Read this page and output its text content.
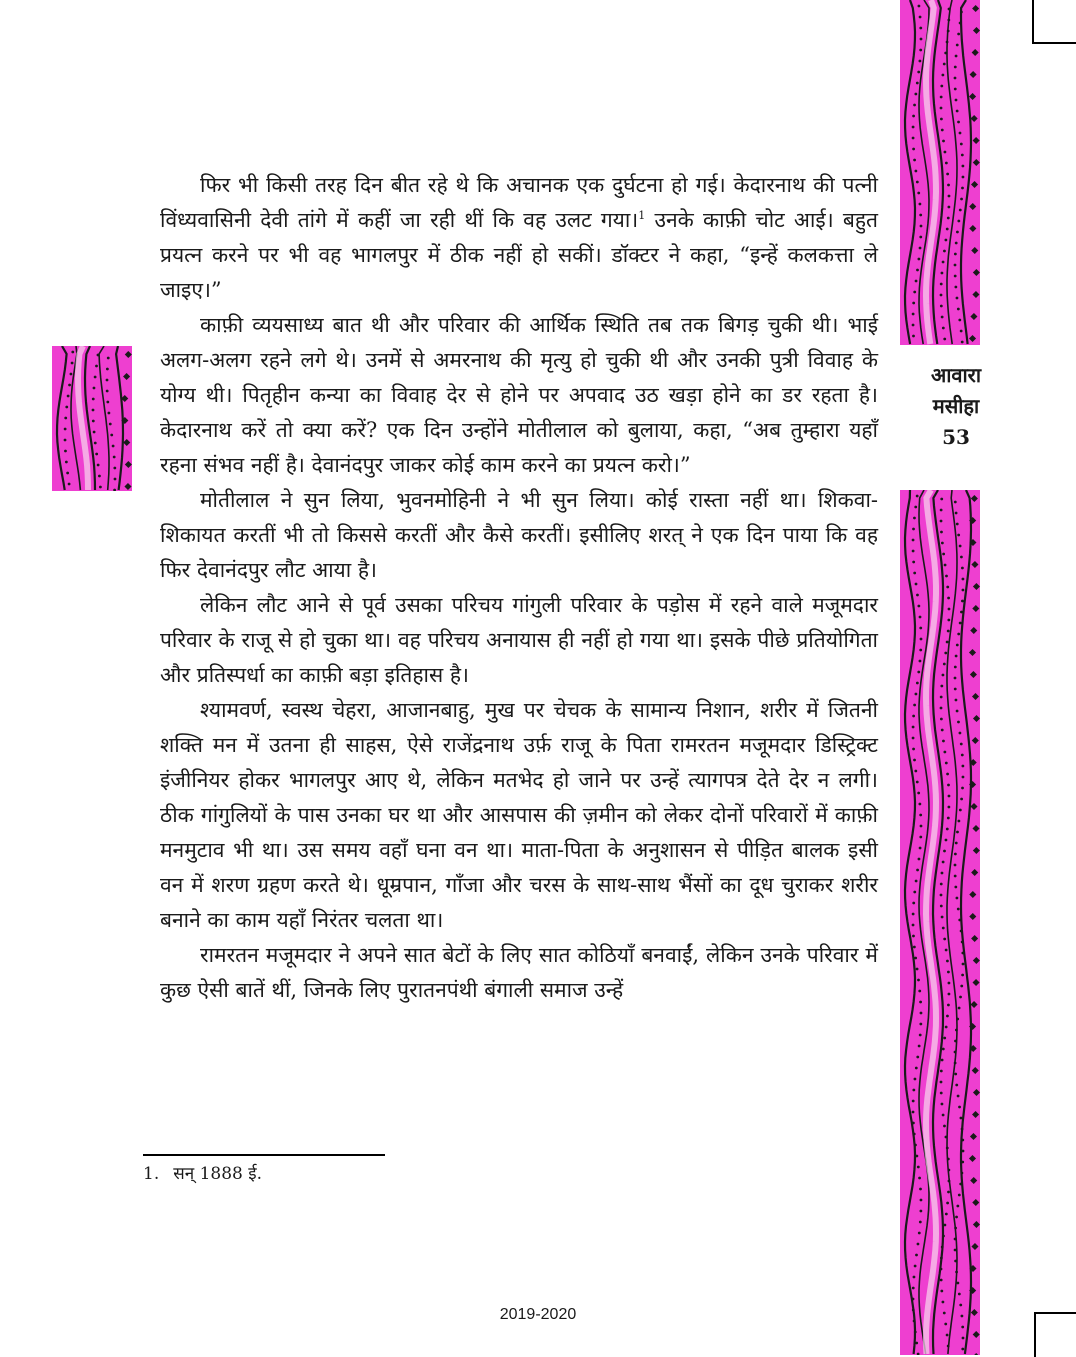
आवारा
मसीहा
53

फिर भी किसी तरह दिन बीत रहे थे कि अचानक एक दुर्घटना हो गई। केदारनाथ की पत्नी विंध्यवासिनी देवी तांगे में कहीं जा रही थीं कि वह उलट गया।$^1$ उनके काफ़ी चोट आई। बहुत प्रयत्न करने पर भी वह भागलपुर में ठीक नहीं हो सकीं। डॉक्टर ने कहा, “इन्हें कलकत्ता ले जाइए।”

काफ़ी व्ययसाध्य बात थी और परिवार की आर्थिक स्थिति तब तक बिगड़ चुकी थी। भाई अलग-अलग रहने लगे थे। उनमें से अमरनाथ की मृत्यु हो चुकी थी और उनकी पुत्री विवाह के योग्य थी। पितृहीन कन्या का विवाह देर से होने पर अपवाद उठ खड़ा होने का डर रहता है। केदारनाथ करें तो क्या करें? एक दिन उन्होंने मोतीलाल को बुलाया, कहा, “अब तुम्हारा यहाँ रहना संभव नहीं है। देवानंदपुर जाकर कोई काम करने का प्रयत्न करो।”

मोतीलाल ने सुन लिया, भुवनमोहिनी ने भी सुन लिया। कोई रास्ता नहीं था। शिकवा-शिकायत करतीं भी तो किससे करतीं और कैसे करतीं। इसीलिए शरत् ने एक दिन पाया कि वह फिर देवानंदपुर लौट आया है।

लेकिन लौट आने से पूर्व उसका परिचय गांगुली परिवार के पड़ोस में रहने वाले मजूमदार परिवार के राजू से हो चुका था। वह परिचय अनायास ही नहीं हो गया था। इसके पीछे प्रतियोगिता और प्रतिस्पर्धा का काफ़ी बड़ा इतिहास है।

श्यामवर्ण, स्वस्थ चेहरा, आजानबाहु, मुख पर चेचक के सामान्य निशान, शरीर में जितनी शक्ति मन में उतना ही साहस, ऐसे राजेंद्रनाथ उर्फ़ राजू के पिता रामरतन मजूमदार डिस्ट्रिक्ट इंजीनियर होकर भागलपुर आए थे, लेकिन मतभेद हो जाने पर उन्हें त्यागपत्र देते देर न लगी। ठीक गांगुलियों के पास उनका घर था और आसपास की ज़मीन को लेकर दोनों परिवारों में काफ़ी मनमुटाव भी था। उस समय वहाँ घना वन था। माता-पिता के अनुशासन से पीड़ित बालक इसी वन में शरण ग्रहण करते थे। धूम्रपान, गाँजा और चरस के साथ-साथ भैंसों का दूध चुराकर शरीर बनाने का काम यहाँ निरंतर चलता था।

रामरतन मजूमदार ने अपने सात बेटों के लिए सात कोठियाँ बनवाईं, लेकिन उनके परिवार में कुछ ऐसी बातें थीं, जिनके लिए पुरातनपंथी बंगाली समाज उन्हें

1. सन् 1888 ई.
2019-2020
